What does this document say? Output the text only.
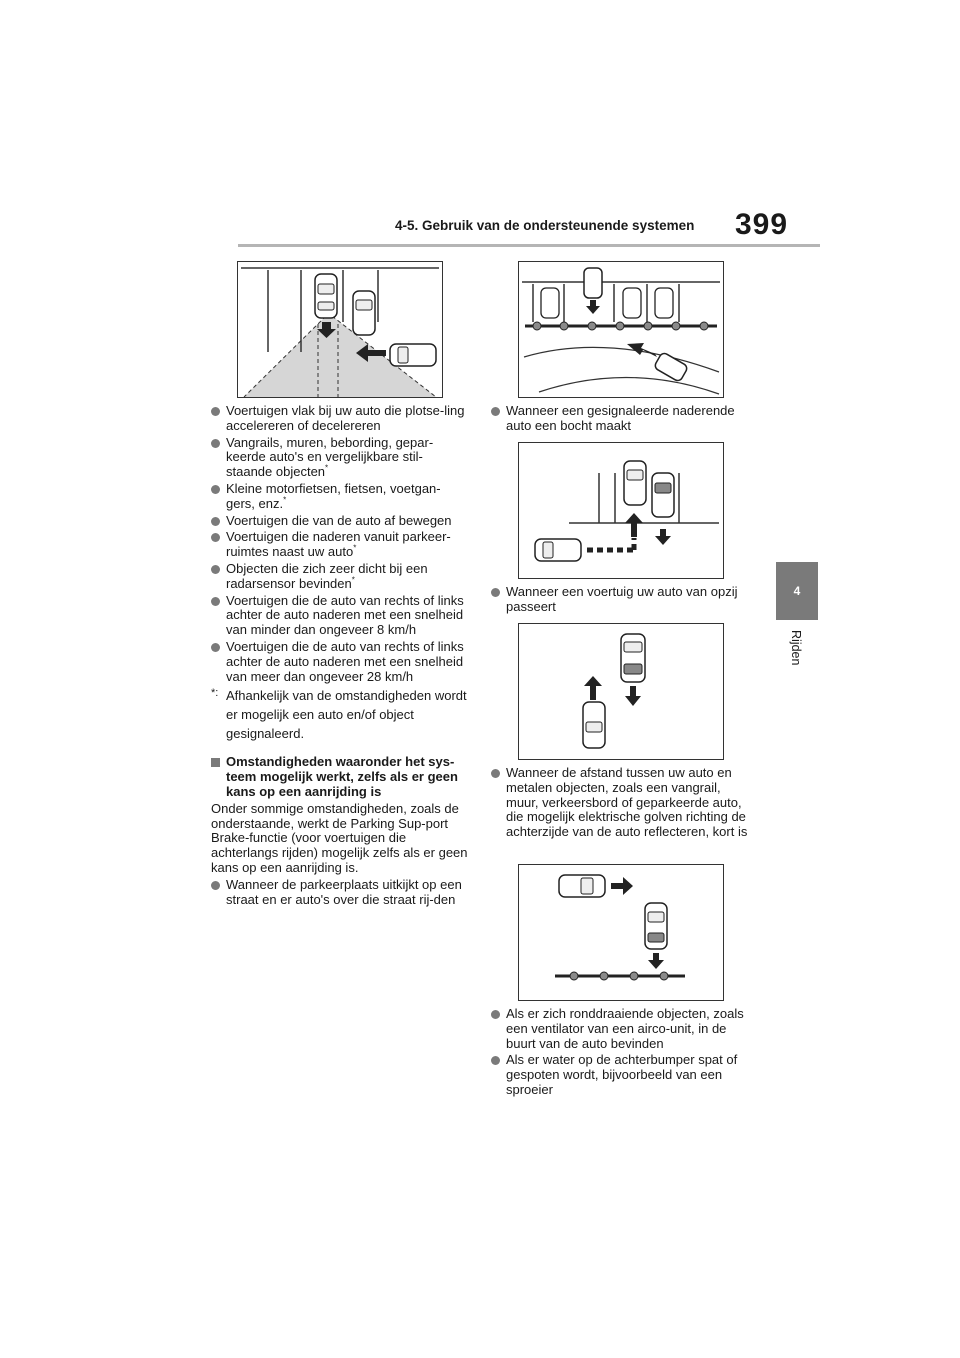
4-5. Gebruik van de ondersteunende systemen 399
4
Rijden
Voertuigen vlak bij uw auto die plotse-ling accelereren of decelereren
Vangrails, muren, bebording, gepar-keerde auto's en vergelijkbare stil-staande objecten*
Kleine motorfietsen, fietsen, voetgan-gers, enz.*
Voertuigen die van de auto af bewegen
Voertuigen die naderen vanuit parkeer-ruimtes naast uw auto*
Objecten die zich zeer dicht bij een radarsensor bevinden*
Voertuigen die de auto van rechts of links achter de auto naderen met een snelheid van minder dan ongeveer 8 km/h
Voertuigen die de auto van rechts of links achter de auto naderen met een snelheid van meer dan ongeveer 28 km/h
*: Afhankelijk van de omstandigheden wordt er mogelijk een auto en/of object gesignaleerd.
Omstandigheden waaronder het sys-teem mogelijk werkt, zelfs als er geen kans op een aanrijding is
Onder sommige omstandigheden, zoals de onderstaande, werkt de Parking Sup-port Brake-functie (voor voertuigen die achterlangs rijden) mogelijk zelfs als er geen kans op een aanrijding is.
Wanneer de parkeerplaats uitkijkt op een straat en er auto's over die straat rij-den
Wanneer een gesignaleerde naderende auto een bocht maakt
Wanneer een voertuig uw auto van opzij passeert
Wanneer de afstand tussen uw auto en metalen objecten, zoals een vangrail, muur, verkeersbord of geparkeerde auto, die mogelijk elektrische golven richting de achterzijde van de auto reflecteren, kort is
Als er zich ronddraaiende objecten, zoals een ventilator van een airco-unit, in de buurt van de auto bevinden
Als er water op de achterbumper spat of gespoten wordt, bijvoorbeeld van een sproeier
